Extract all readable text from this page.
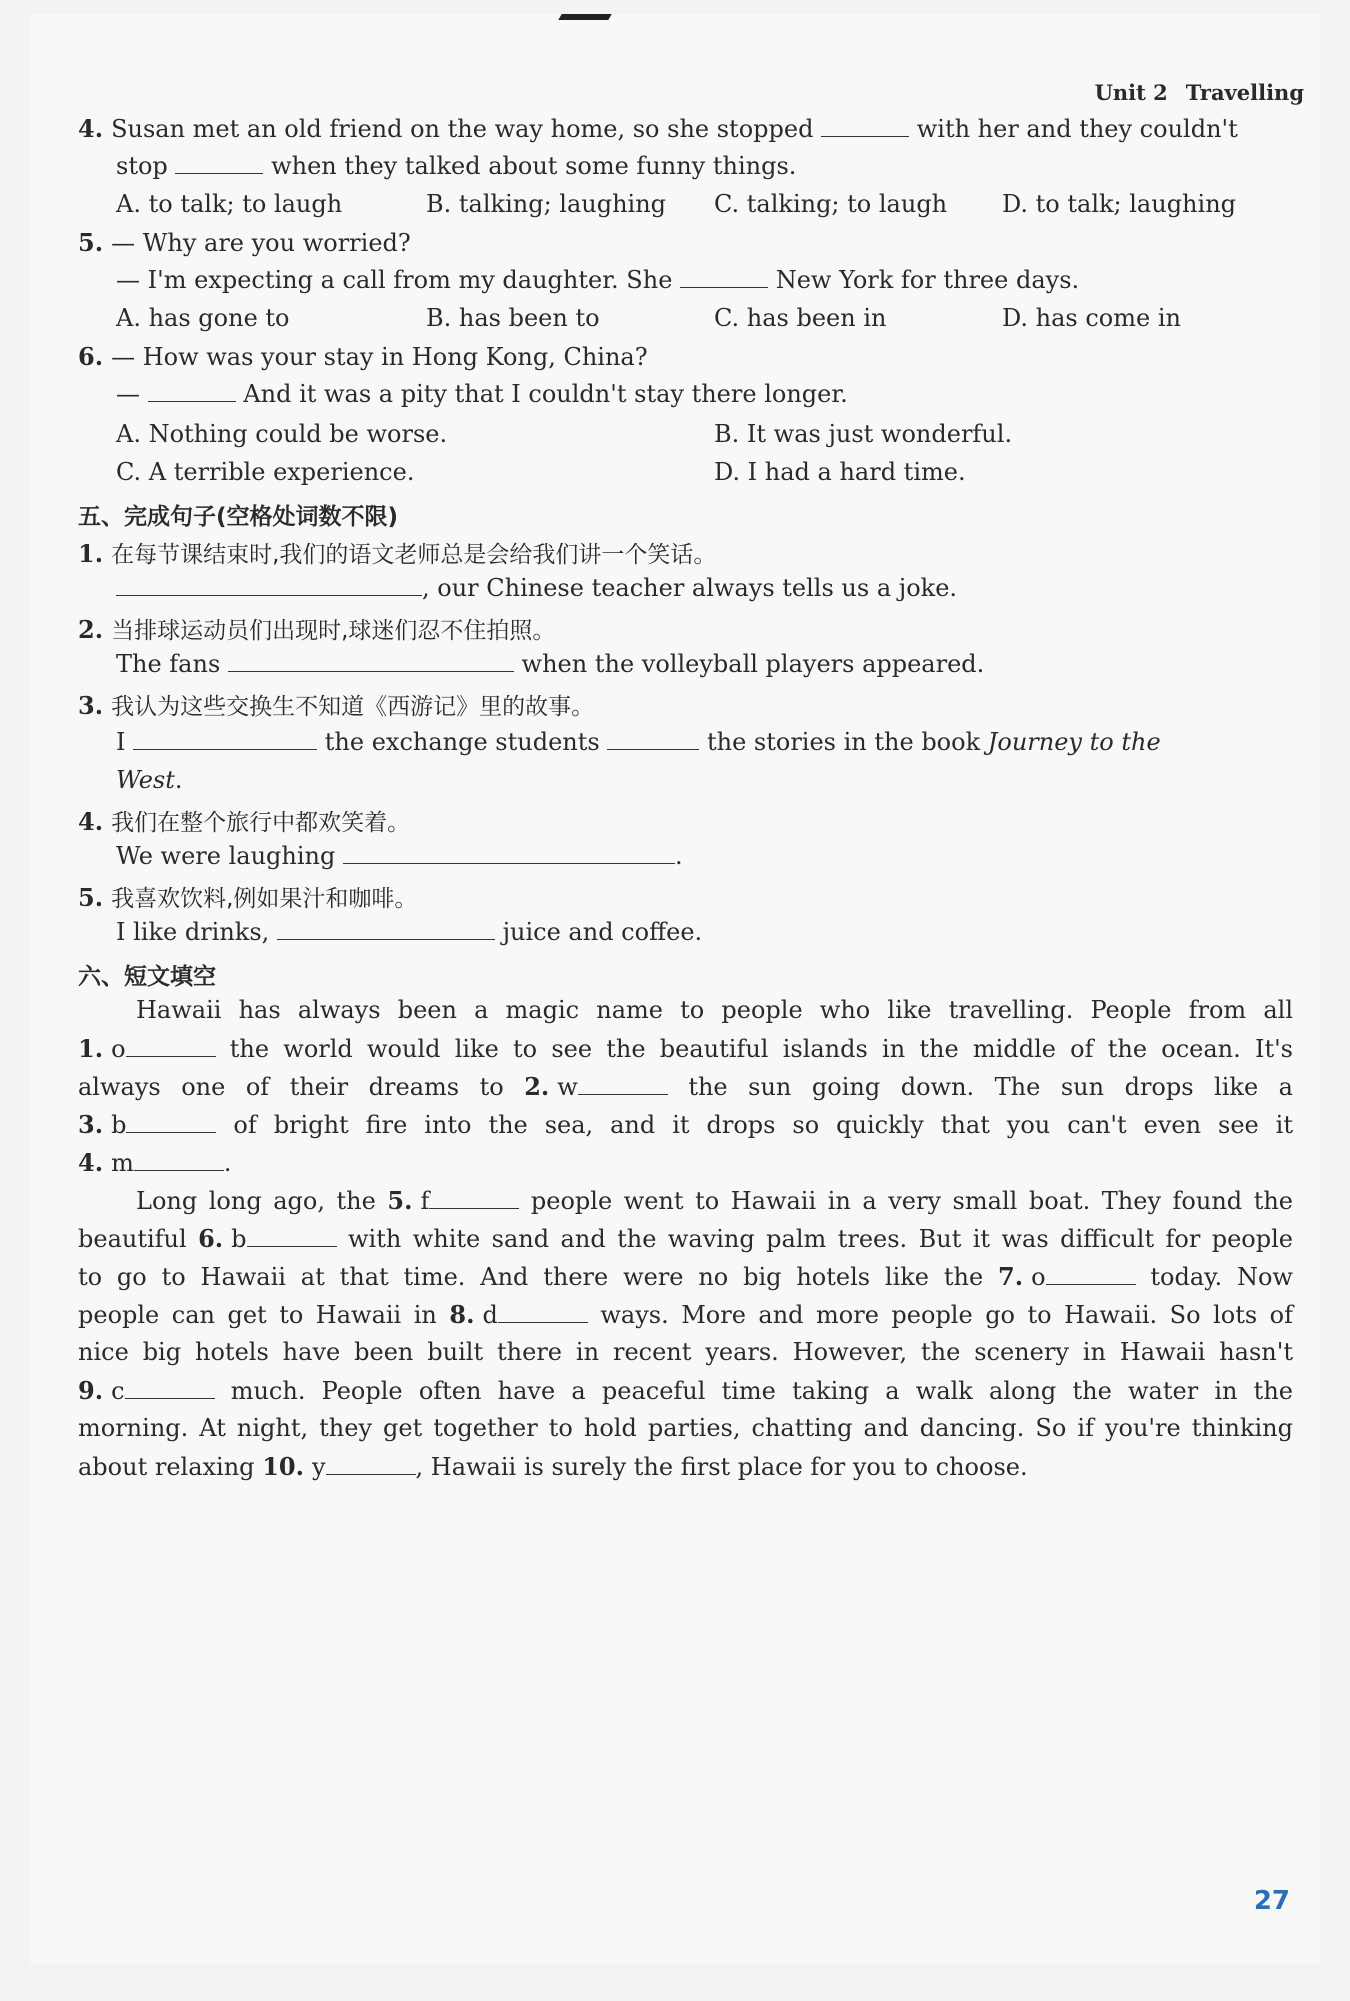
Unit 2 Travelling
4. Susan met an old friend on the way home, so she stopped	with her and they couldn't
stop	when they talked about some funny things.
A. to talk; to laugh	B. talking; laughing C. talking; to laugh D. to talk; laughing
5. — Why are you worried?
— I'm expecting a call from my daughter. She	New York for three days.
A. has gone to	B. has been to	C. has been in	D. has come in
6. — How was your stay in Hong Kong, China?
—	And it was a pity that I couldn't stay there longer.
A. Nothing could be worse.	B. It was just wonderful.
C. A terrible experience.	D. I had a hard time.
五、完成句子(空格处词数不限)
1. 在每节课结束时,我们的语文老师总是会给我们讲一个笑话。
, our Chinese teacher always tells us a joke.
2. 当排球运动员们出现时,球迷们忍不住拍照。
The fans	when the volleyball players appeared.
3. 我认为这些交换生不知道《西游记》里的故事。
I	the exchange students	the stories in the book Journey to the
West.
4. 我们在整个旅行中都欢笑着。
We were laughing	.
5. 我喜欢饮料,例如果汁和咖啡。
I like drinks,	juice and coffee.
六、短文填空
Hawaii has always been a magic name to people who like travelling. People from all
1. o	the world would like to see the beautiful islands in the middle of the ocean. It's
always one of their dreams to 2. w	the sun going down. The sun drops like a
3. b	of bright fire into the sea, and it drops so quickly that you can't even see it
4. m	.
Long long ago, the 5. f	people went to Hawaii in a very small boat. They found the
beautiful 6. b	with white sand and the waving palm trees. But it was difficult for people
to go to Hawaii at that time. And there were no big hotels like the 7. o	today. Now
people can get to Hawaii in 8. d	ways. More and more people go to Hawaii. So lots of
nice big hotels have been built there in recent years. However, the scenery in Hawaii hasn't
9. c	much. People often have a peaceful time taking a walk along the water in the
morning. At night, they get together to hold parties, chatting and dancing. So if you're thinking
about relaxing 10. y	, Hawaii is surely the first place for you to choose.
27
